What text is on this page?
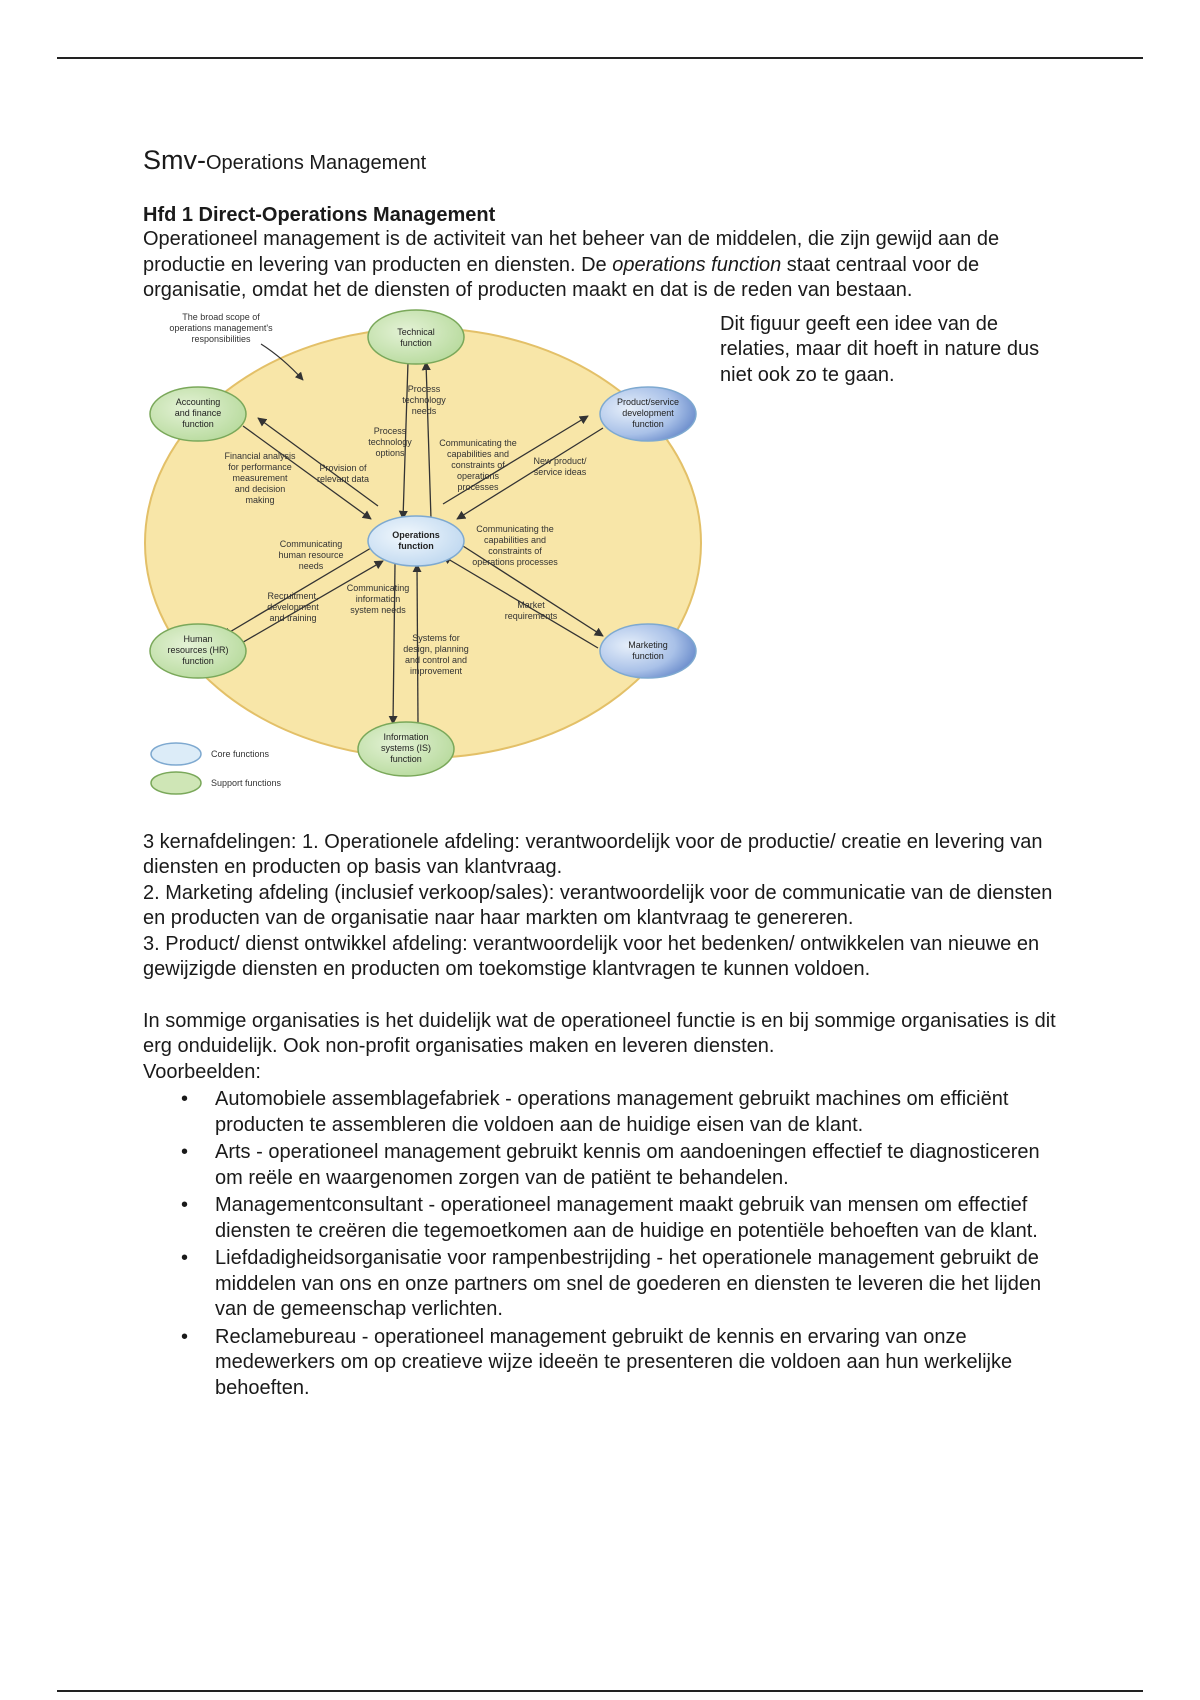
Smv-Operations Management
Hfd 1 Direct-Operations Management

Operationeel management is de activiteit van het beheer van de middelen, die zijn gewijd aan de productie en levering van producten en diensten. De operations function staat centraal voor de organisatie, omdat het de diensten of producten maakt en dat is de reden van bestaan.

The broad scope of
operations management's
responsibilities
Process
technology
needs
Process
technology
options
Communicating the
capabilities and
constraints of
operations
processes
New product/
service ideas
Financial analysis
for performance
measurement
and decision
making
Provision of
relevant data
Communicating the
capabilities and
constraints of
operations processes
Communicating
human resource
needs
Recruitment,
development
and training
Communicating
information
system needs
Systems for
design, planning
and control and
improvement
Market
requirements
Technical
function
Accounting
and finance
function
Product/service
development
function
Operations
function
Human
resources (HR)
function
Marketing
function
Information
systems (IS)
function
Core functions
Support functions

Dit figuur geeft een idee van de relaties, maar dit hoeft in nature dus niet ook zo te gaan.

3 kernafdelingen: 1. Operationele afdeling: verantwoordelijk voor de productie/ creatie en levering van diensten en producten op basis van klantvraag.

2. Marketing afdeling (inclusief verkoop/sales): verantwoordelijk voor de communicatie van de diensten en producten van de organisatie naar haar markten om klantvraag te genereren.

3. Product/ dienst ontwikkel afdeling: verantwoordelijk voor het bedenken/ ontwikkelen van nieuwe en gewijzigde diensten en producten om toekomstige klantvragen te kunnen voldoen.

In sommige organisaties is het duidelijk wat de operationeel functie is en bij sommige organisaties is dit erg onduidelijk. Ook non-profit organisaties maken en leveren diensten.

Voorbeelden:

• Automobiele assemblagefabriek - operations management gebruikt machines om efficiënt producten te assembleren die voldoen aan de huidige eisen van de klant.
• Arts - operationeel management gebruikt kennis om aandoeningen effectief te diagnosticeren om reële en waargenomen zorgen van de patiënt te behandelen.
• Managementconsultant - operationeel management maakt gebruik van mensen om effectief diensten te creëren die tegemoetkomen aan de huidige en potentiële behoeften van de klant.
• Liefdadigheidsorganisatie voor rampenbestrijding - het operationele management gebruikt de middelen van ons en onze partners om snel de goederen en diensten te leveren die het lijden van de gemeenschap verlichten.
• Reclamebureau - operationeel management gebruikt de kennis en ervaring van onze medewerkers om op creatieve wijze ideeën te presenteren die voldoen aan hun werkelijke behoeften.
